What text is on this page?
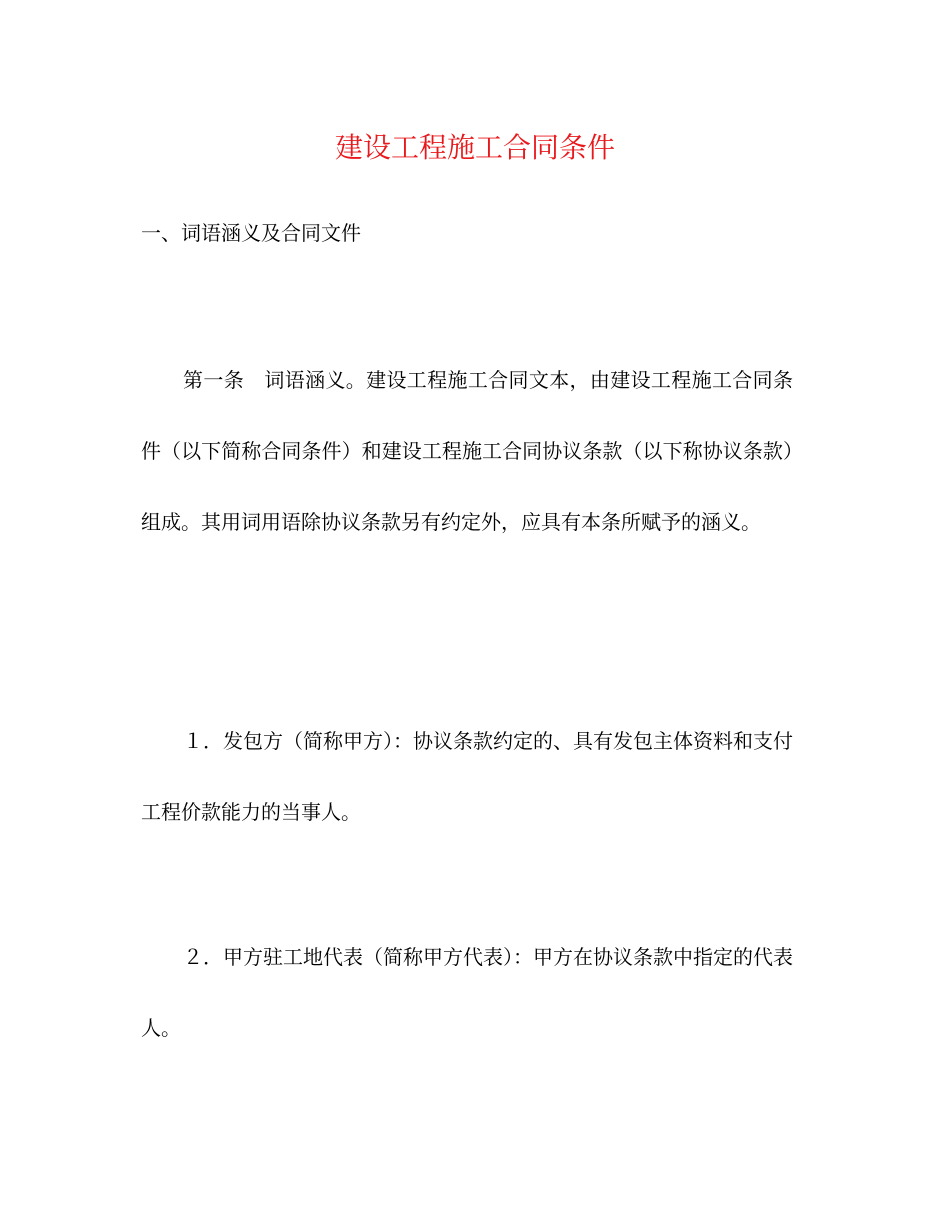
建设工程施工合同条件
一、词语涵义及合同文件

第一条　词语涵义。建设工程施工合同文本，由建设工程施工合同条件（以下简称合同条件）和建设工程施工合同协议条款（以下称协议条款）组成。其用词用语除协议条款另有约定外，应具有本条所赋予的涵义。

１．发包方（简称甲方）：协议条款约定的、具有发包主体资料和支付工程价款能力的当事人。

２．甲方驻工地代表（简称甲方代表）：甲方在协议条款中指定的代表人。
